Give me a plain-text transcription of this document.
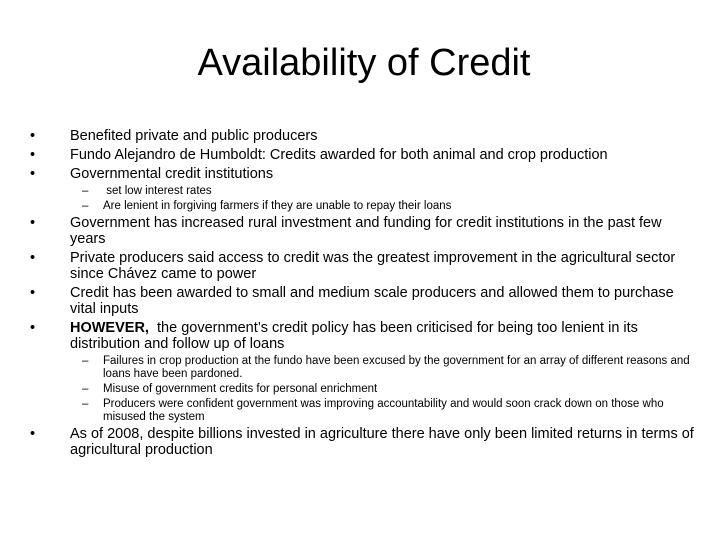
Availability of Credit
•	Benefited private and public producers
•	Fundo Alejandro de Humboldt: Credits awarded for both animal and crop production
•	Governmental credit institutions
– set low interest rates
– Are lenient in forgiving farmers if they are unable to repay their loans
•	Government has increased rural investment and funding for credit institutions in the past few years
•	Private producers said access to credit was the greatest improvement in the agricultural sector since Chávez came to power
•	Credit has been awarded to small and medium scale producers and allowed them to purchase vital inputs
•	HOWEVER,  the government’s credit policy has been criticised for being too lenient in its distribution and follow up of loans
– Failures in crop production at the fundo have been excused by the government for an array of different reasons and loans have been pardoned.
– Misuse of government credits for personal enrichment
– Producers were confident government was improving accountability and would soon crack down on those who misused the system
•	As of 2008, despite billions invested in agriculture there have only been limited returns in terms of agricultural production
